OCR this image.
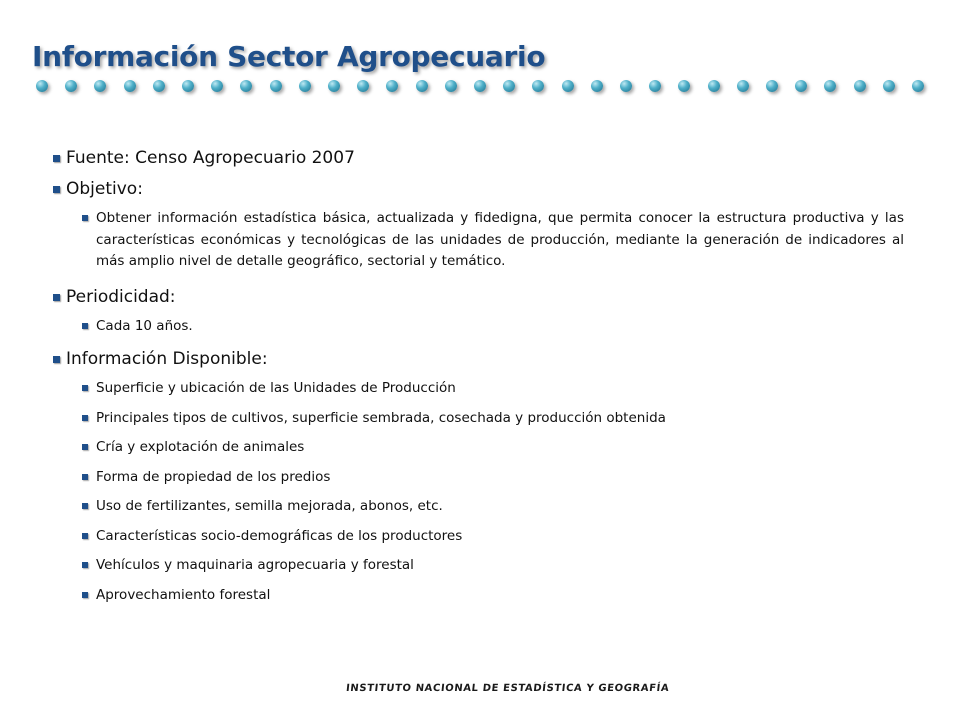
Información Sector Agropecuario
Fuente: Censo Agropecuario 2007
Objetivo:
Obtener información estadística básica, actualizada y fidedigna, que permita conocer la estructura productiva y las características económicas y tecnológicas de las unidades de producción, mediante la generación de indicadores al más amplio nivel de detalle geográfico, sectorial y temático.
Periodicidad:
Cada 10 años.
Información Disponible:
Superficie y ubicación de las Unidades de Producción
Principales tipos de cultivos, superficie sembrada, cosechada y producción obtenida
Cría y explotación de animales
Forma de propiedad de los predios
Uso de fertilizantes, semilla mejorada, abonos, etc.
Características socio-demográficas de los productores
Vehículos y maquinaria agropecuaria y forestal
Aprovechamiento forestal
INSTITUTO NACIONAL DE ESTADÍSTICA Y GEOGRAFÍA
